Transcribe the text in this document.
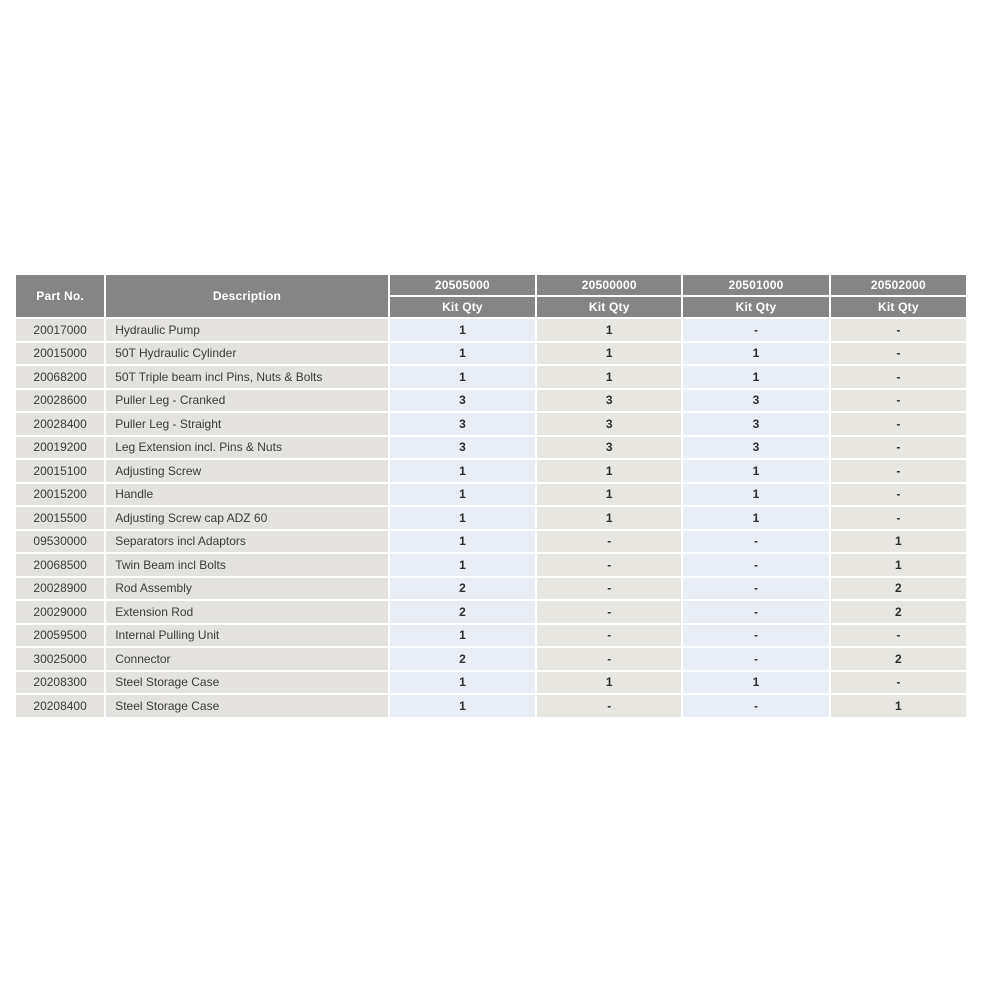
Part No.	Description	20505000	20500000	20501000	20502000
		Kit Qty	Kit Qty	Kit Qty	Kit Qty
20017000	Hydraulic Pump	1	1	-	-
20015000	50T Hydraulic Cylinder	1	1	1	-
20068200	50T Triple beam incl Pins, Nuts & Bolts	1	1	1	-
20028600	Puller Leg - Cranked	3	3	3	-
20028400	Puller Leg - Straight	3	3	3	-
20019200	Leg Extension incl. Pins & Nuts	3	3	3	-
20015100	Adjusting Screw	1	1	1	-
20015200	Handle	1	1	1	-
20015500	Adjusting Screw cap ADZ 60	1	1	1	-
09530000	Separators incl Adaptors	1	-	-	1
20068500	Twin Beam incl Bolts	1	-	-	1
20028900	Rod Assembly	2	-	-	2
20029000	Extension Rod	2	-	-	2
20059500	Internal Pulling Unit	1	-	-	-
30025000	Connector	2	-	-	2
20208300	Steel Storage Case	1	1	1	-
20208400	Steel Storage Case	1	-	-	1
